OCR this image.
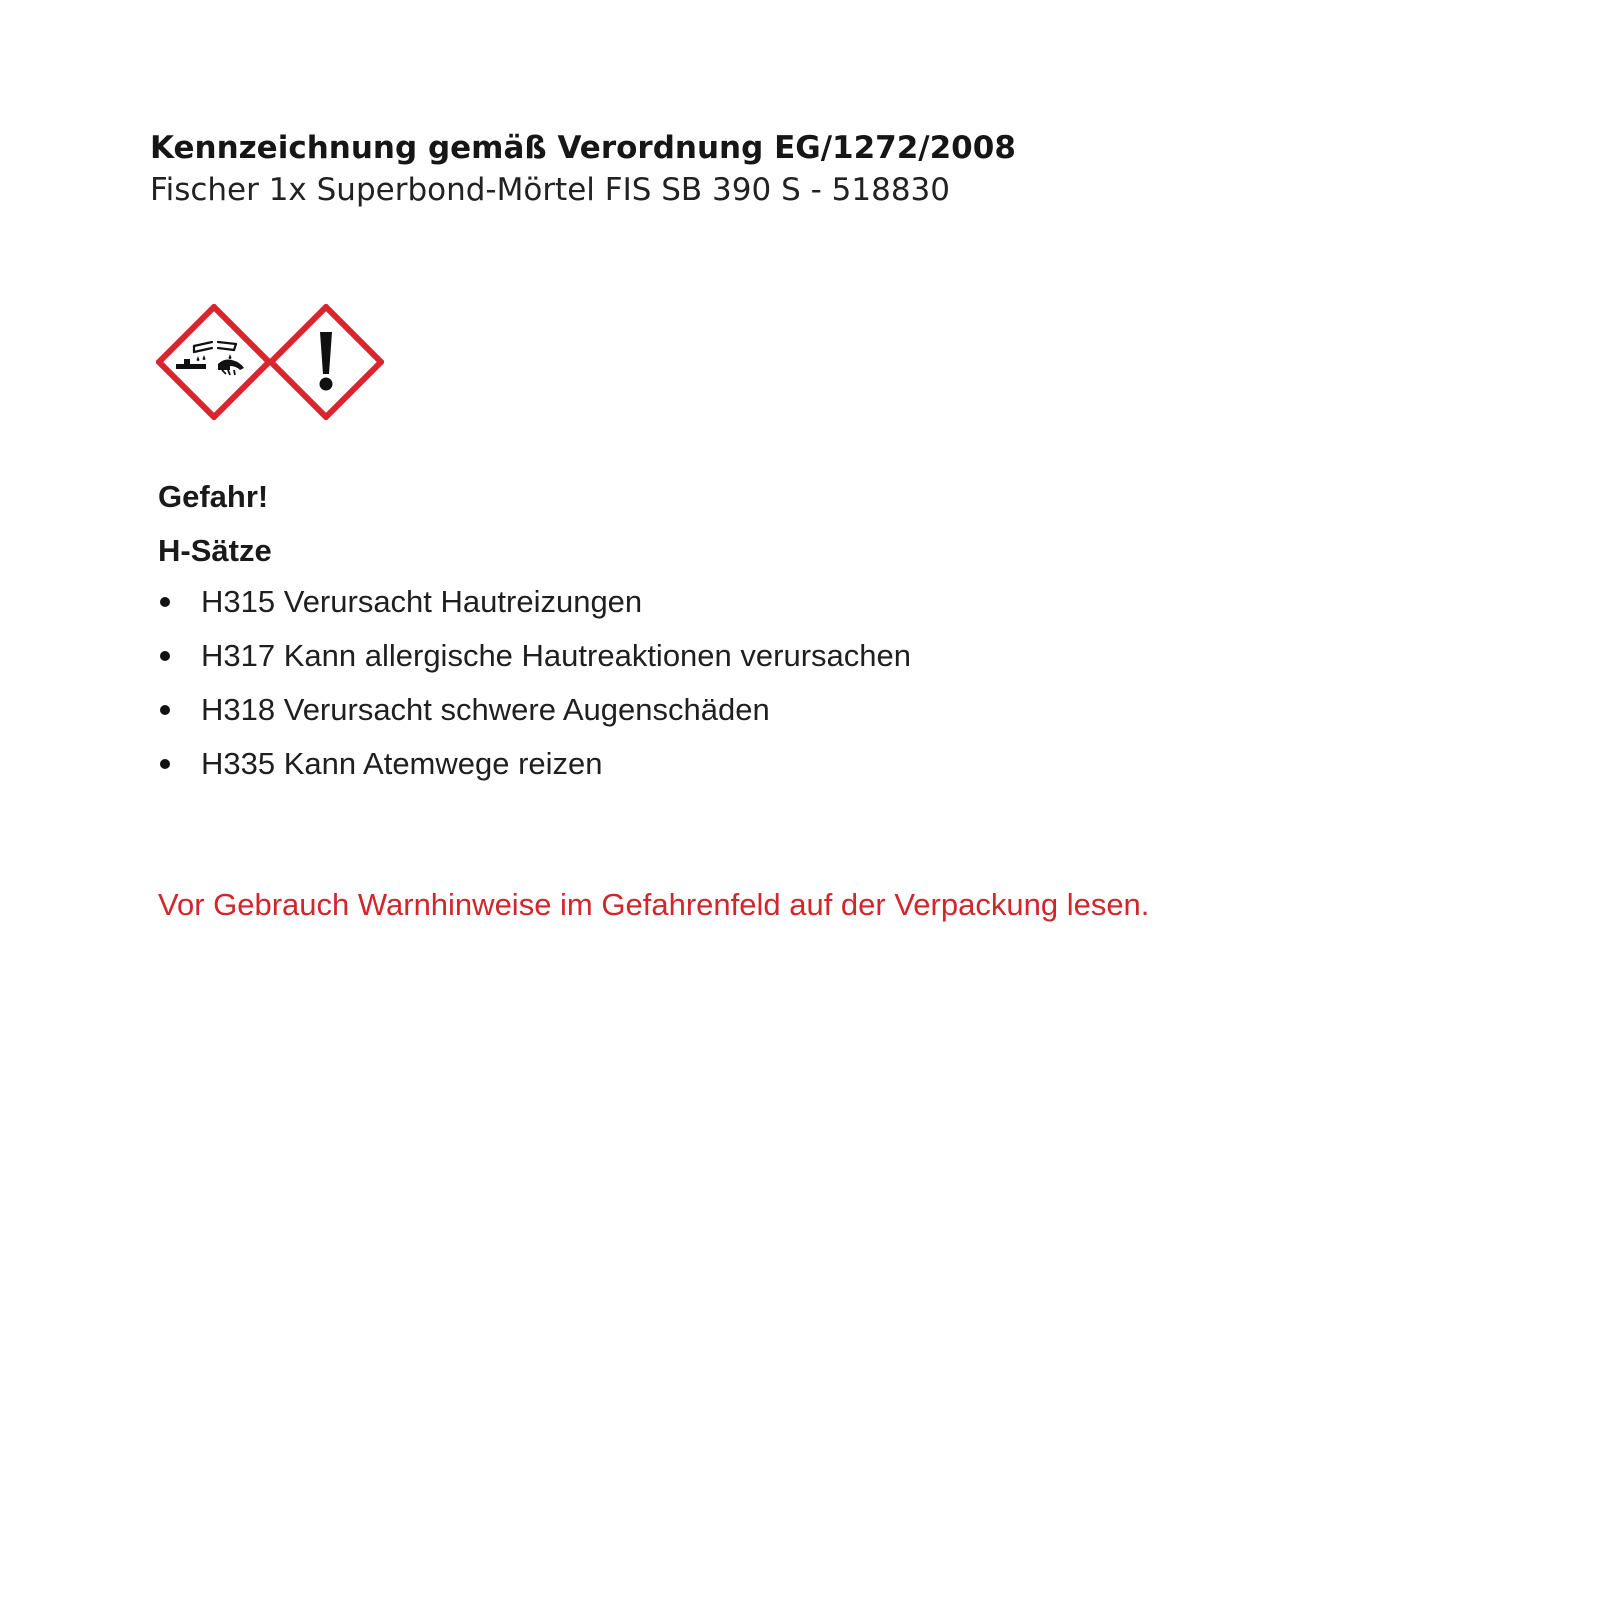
Kennzeichnung gemäß Verordnung EG/1272/2008

Fischer 1x Superbond-Mörtel FIS SB 390 S - 518830

Gefahr!

H-Sätze

H315 Verursacht Hautreizungen
H317 Kann allergische Hautreaktionen verursachen
H318 Verursacht schwere Augenschäden
H335 Kann Atemwege reizen

Vor Gebrauch Warnhinweise im Gefahrenfeld auf der Verpackung lesen.
